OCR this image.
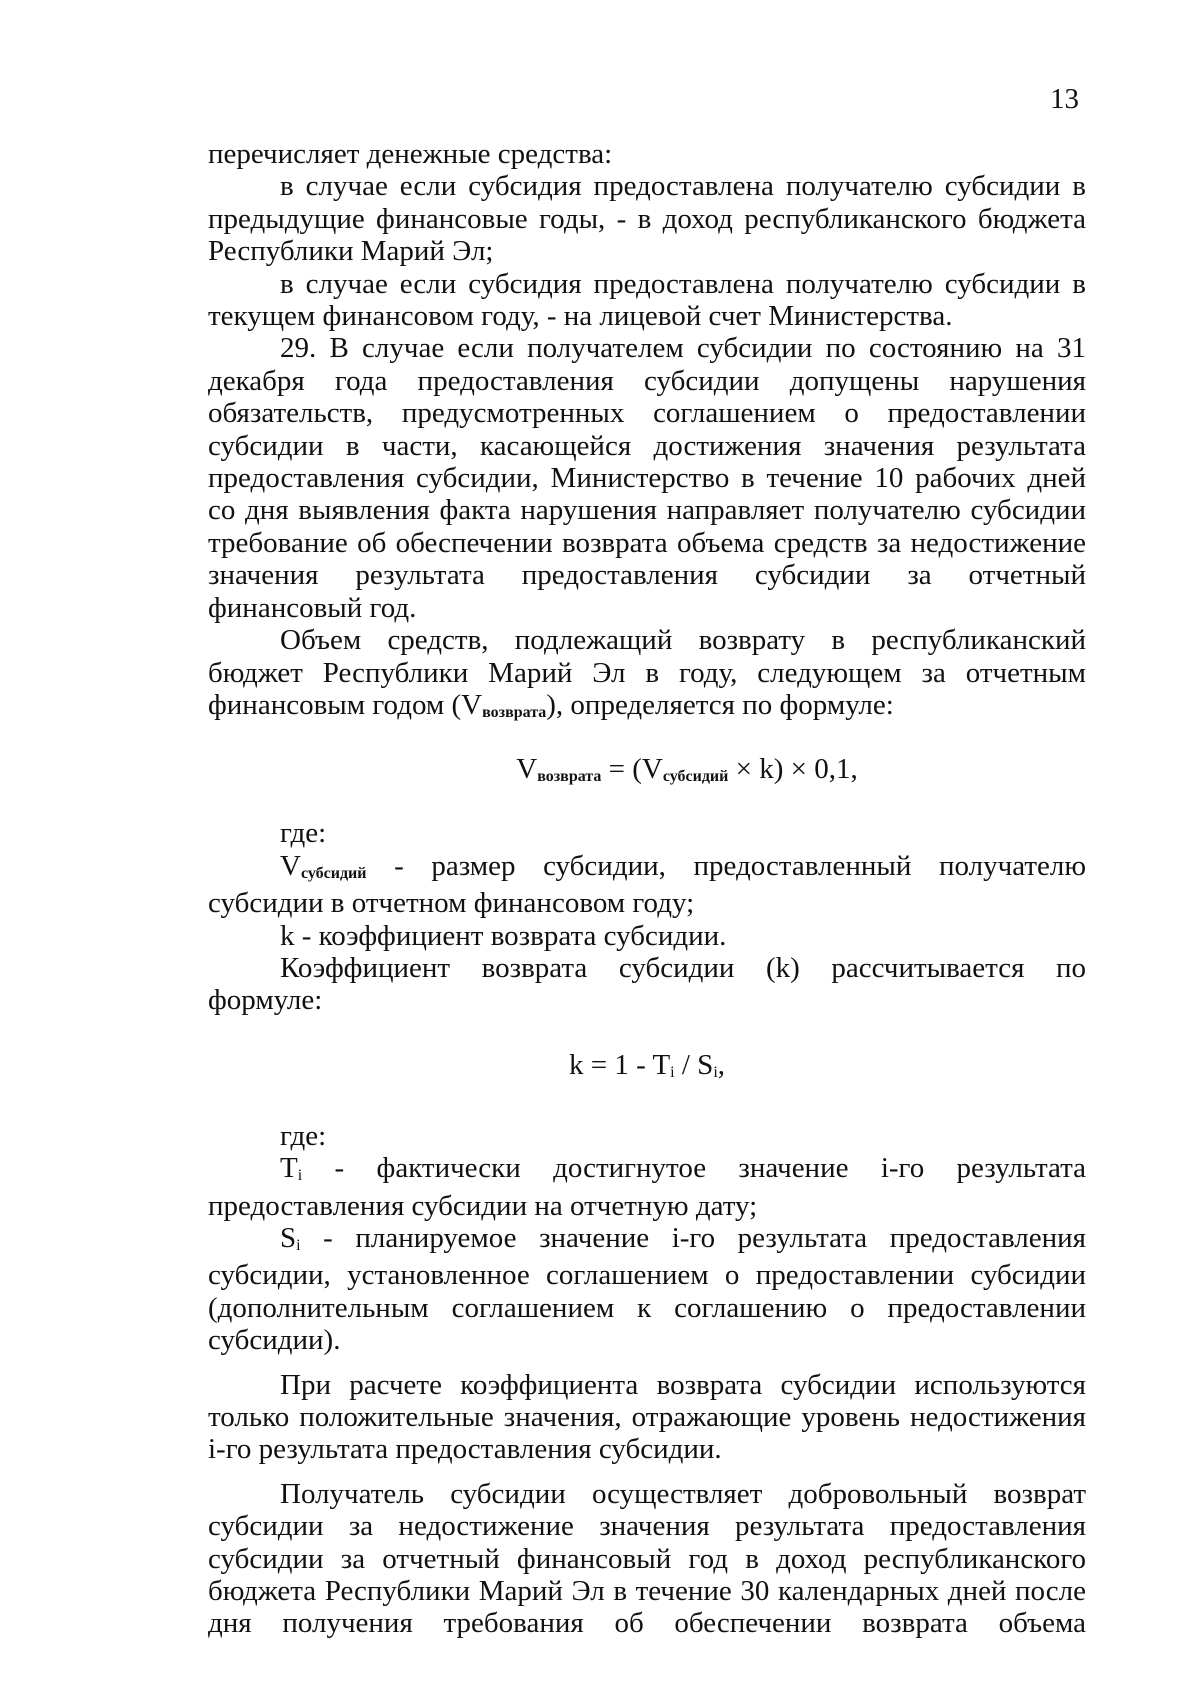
13

перечисляет денежные средства:

в случае если субсидия предоставлена получателю субсидии в предыдущие финансовые годы, - в доход республиканского бюджета Республики Марий Эл;

в случае если субсидия предоставлена получателю субсидии в текущем финансовом году, - на лицевой счет Министерства.

29. В случае если получателем субсидии по состоянию на 31 декабря года предоставления субсидии допущены нарушения обязательств, предусмотренных соглашением о предоставлении субсидии в части, касающейся достижения значения результата предоставления субсидии, Министерство в течение 10 рабочих дней со дня выявления факта нарушения направляет получателю субсидии требование об обеспечении возврата объема средств за недостижение значения результата предоставления субсидии за отчетный финансовый год.

Объем средств, подлежащий возврату в республиканский бюджет Республики Марий Эл в году, следующем за отчетным финансовым годом (Vвозврата), определяется по формуле:

Vвозврата = (Vсубсидий × k) × 0,1,

где:

Vсубсидий - размер субсидии, предоставленный получателю субсидии в отчетном финансовом году;

k - коэффициент возврата субсидии.

Коэффициент возврата субсидии (k) рассчитывается по формуле:

k = 1 - Ti / Si,

где:

Ti - фактически достигнутое значение i-го результата предоставления субсидии на отчетную дату;

Si - планируемое значение i-го результата предоставления субсидии, установленное соглашением о предоставлении субсидии (дополнительным соглашением к соглашению о предоставлении субсидии).

При расчете коэффициента возврата субсидии используются только положительные значения, отражающие уровень недостижения i-го результата предоставления субсидии.

Получатель субсидии осуществляет добровольный возврат субсидии за недостижение значения результата предоставления субсидии за отчетный финансовый год в доход республиканского бюджета Республики Марий Эл в течение 30 календарных дней после дня получения требования об обеспечении возврата объема
